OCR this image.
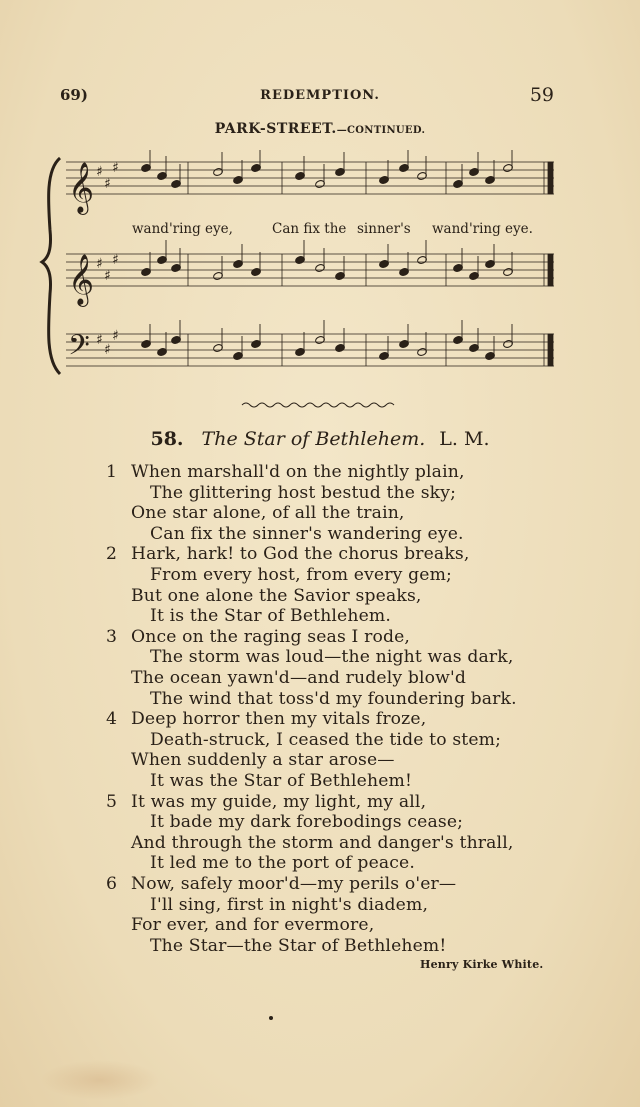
69)	REDEMPTION.	59
PARK-STREET.—CONTINUED.
𝄞
𝄞
𝄢
♯
♯
♯
♯
♯
♯
♯
♯
♯
wand'ring eye,	Can fix the sinner's wand'ring eye.
58. The Star of Bethlehem. L. M.
1 When marshall'd on the nightly plain,
The glittering host bestud the sky;
One star alone, of all the train,
Can fix the sinner's wandering eye.
2 Hark, hark! to God the chorus breaks,
From every host, from every gem;
But one alone the Savior speaks,
It is the Star of Bethlehem.
3 Once on the raging seas I rode,
The storm was loud—the night was dark,
The ocean yawn'd—and rudely blow'd
The wind that toss'd my foundering bark.
4 Deep horror then my vitals froze,
Death-struck, I ceased the tide to stem;
When suddenly a star arose—
It was the Star of Bethlehem!
5 It was my guide, my light, my all,
It bade my dark forebodings cease;
And through the storm and danger's thrall,
It led me to the port of peace.
6 Now, safely moor'd—my perils o'er—
I'll sing, first in night's diadem,
For ever, and for evermore,
The Star—the Star of Bethlehem!
Henry Kirke White.
